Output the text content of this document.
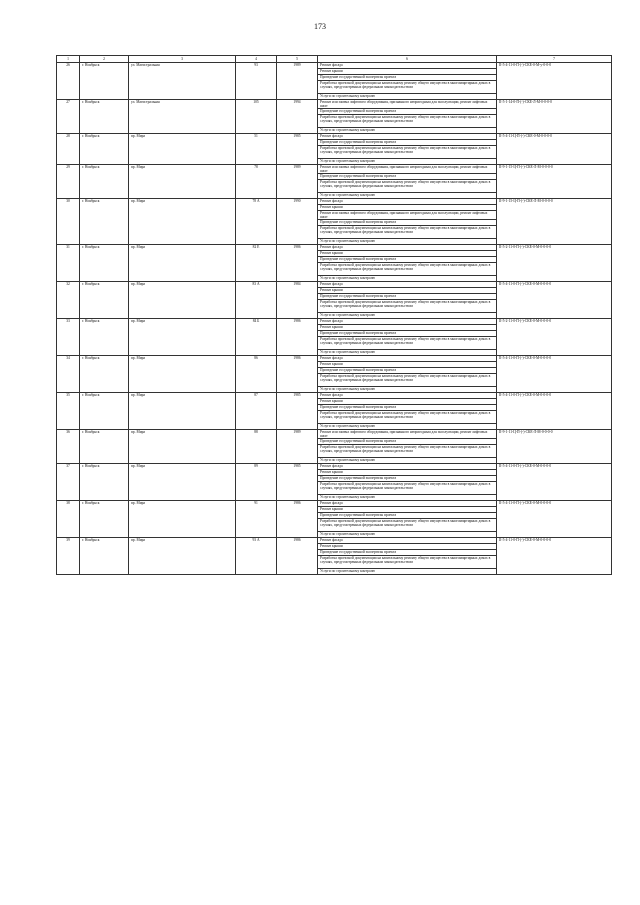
173
1	2	3	4	5	6	7
26	г. Ноябрьск	ул. Магистральная	93	1989	Ремонт фасада	II-5-4-11-0-П-(-)-СКЕ-0-М-у-0-0-0
					Ремонт крыши	
					Проведение государственной экспертизы проекта	
					Разработка проектной документации на капитальному ремонту общего имущества в многоквартирных домах в случаях, предусмотренных федеральным законодательством	
					Услуги по строительному контролю	
27	г. Ноябрьск	ул. Магистральная	105	1994	Ремонт или замена лифтового оборудования, признанного непригодным для эксплуатации, ремонт лифтовых шахт	II-5-1-14-0-П-(-)-СКЕ-Л-М-0-0-0-0
					Проведение государственной экспертизы проекта	
					Разработка проектной документации на капитальному ремонту общего имущества в многоквартирных домах в случаях, предусмотренных федеральным законодательством	
					Услуги по строительному контролю	
28	г. Ноябрьск	пр. Мира	51	1985	Ремонт фасада	II-5-4-11-Ц-П-(-)-СКЕ-0-М-0-0-0-0
					Проведение государственной экспертизы проекта	
					Разработка проектной документации на капитальному ремонту общего имущества в многоквартирных домах в случаях, предусмотренных федеральным законодательством	
					Услуги по строительному контролю	
29	г. Ноябрьск	пр. Мира	78	1989	Ремонт или замена лифтового оборудования, признанного непригодным для эксплуатации, ремонт лифтовых шахт	II-9-1-15-Ц-П-(-)-СКЕ-Л-М-0-0-0-0
					Проведение государственной экспертизы проекта	
					Разработка проектной документации на капитальному ремонту общего имущества в многоквартирных домах в случаях, предусмотренных федеральным законодательством	
					Услуги по строительному контролю	
30	г. Ноябрьск	пр. Мира	78 А	1990	Ремонт фасада	II-9-1-15-Ц-П-(-)-СКЕ-Л-М-0-0-0-0
					Ремонт крыши	
					Ремонт или замена лифтового оборудования, признанного непригодным для эксплуатации, ремонт лифтовых шахт	
					Проведение государственной экспертизы проекта	
					Разработка проектной документации на капитальному ремонту общего имущества в многоквартирных домах в случаях, предусмотренных федеральным законодательством	
					Услуги по строительному контролю	
31	г. Ноябрьск	пр. Мира	82 Е	1986	Ремонт фасада	II-5-2-11-0-П-(-)-СКЕ-0-М-0-0-0-0
					Ремонт крыши	
					Проведение государственной экспертизы проекта	
					Разработка проектной документации на капитальному ремонту общего имущества в многоквартирных домах в случаях, предусмотренных федеральным законодательством	
					Услуги по строительному контролю	
32	г. Ноябрьск	пр. Мира	83 А	1984	Ремонт фасада	II-5-4-11-0-П-(-)-СКЕ-0-М-0-0-0-0
					Ремонт крыши	
					Проведение государственной экспертизы проекта	
					Разработка проектной документации на капитальному ремонту общего имущества в многоквартирных домах в случаях, предусмотренных федеральным законодательством	
					Услуги по строительному контролю	
33	г. Ноябрьск	пр. Мира	84 Б	1986	Ремонт фасада	II-5-2-11-0-П-(-)-СКЕ-0-М-0-0-0-0
					Ремонт крыши	
					Проведение государственной экспертизы проекта	
					Разработка проектной документации на капитальному ремонту общего имущества в многоквартирных домах в случаях, предусмотренных федеральным законодательством	
					Услуги по строительному контролю	
34	г. Ноябрьск	пр. Мира	86	1986	Ремонт фасада	II-5-4-11-0-П-(-)-СКЕ-0-М-0-0-0-0
					Ремонт крыши	
					Проведение государственной экспертизы проекта	
					Разработка проектной документации на капитальному ремонту общего имущества в многоквартирных домах в случаях, предусмотренных федеральным законодательством	
					Услуги по строительному контролю	
35	г. Ноябрьск	пр. Мира	87	1985	Ремонт фасада	II-5-4-11-0-П-(-)-СКЕ-0-М-0-0-0-0
					Ремонт крыши	
					Проведение государственной экспертизы проекта	
					Разработка проектной документации на капитальному ремонту общего имущества в многоквартирных домах в случаях, предусмотренных федеральным законодательством	
					Услуги по строительному контролю	
36	г. Ноябрьск	пр. Мира	88	1989	Ремонт или замена лифтового оборудования, признанного непригодным для эксплуатации, ремонт лифтовых шахт	II-9-1-11-Ц-П-(-)-СКЕ-Л-М-0-0-0-0
					Проведение государственной экспертизы проекта	
					Разработка проектной документации на капитальному ремонту общего имущества в многоквартирных домах в случаях, предусмотренных федеральным законодательством	
					Услуги по строительному контролю	
37	г. Ноябрьск	пр. Мира	89	1985	Ремонт фасада	II-5-4-11-0-П-(-)-СКЕ-0-М-0-0-0-0
					Ремонт крыши	
					Проведение государственной экспертизы проекта	
					Разработка проектной документации на капитальному ремонту общего имущества в многоквартирных домах в случаях, предусмотренных федеральным законодательством	
					Услуги по строительному контролю	
38	г. Ноябрьск	пр. Мира	91	1986	Ремонт фасада	II-5-4-11-0-П-(-)-СКЕ-0-М-0-0-0-0
					Ремонт крыши	
					Проведение государственной экспертизы проекта	
					Разработка проектной документации на капитальному ремонту общего имущества в многоквартирных домах в случаях, предусмотренных федеральным законодательством	
					Услуги по строительному контролю	
39	г. Ноябрьск	пр. Мира	93 А	1986	Ремонт фасада	II-5-4-11-0-П-(-)-СКЕ-0-М-0-0-0-0
					Ремонт крыши	
					Проведение государственной экспертизы проекта	
					Разработка проектной документации на капитальному ремонту общего имущества в многоквартирных домах в случаях, предусмотренных федеральным законодательством	
					Услуги по строительному контролю	
